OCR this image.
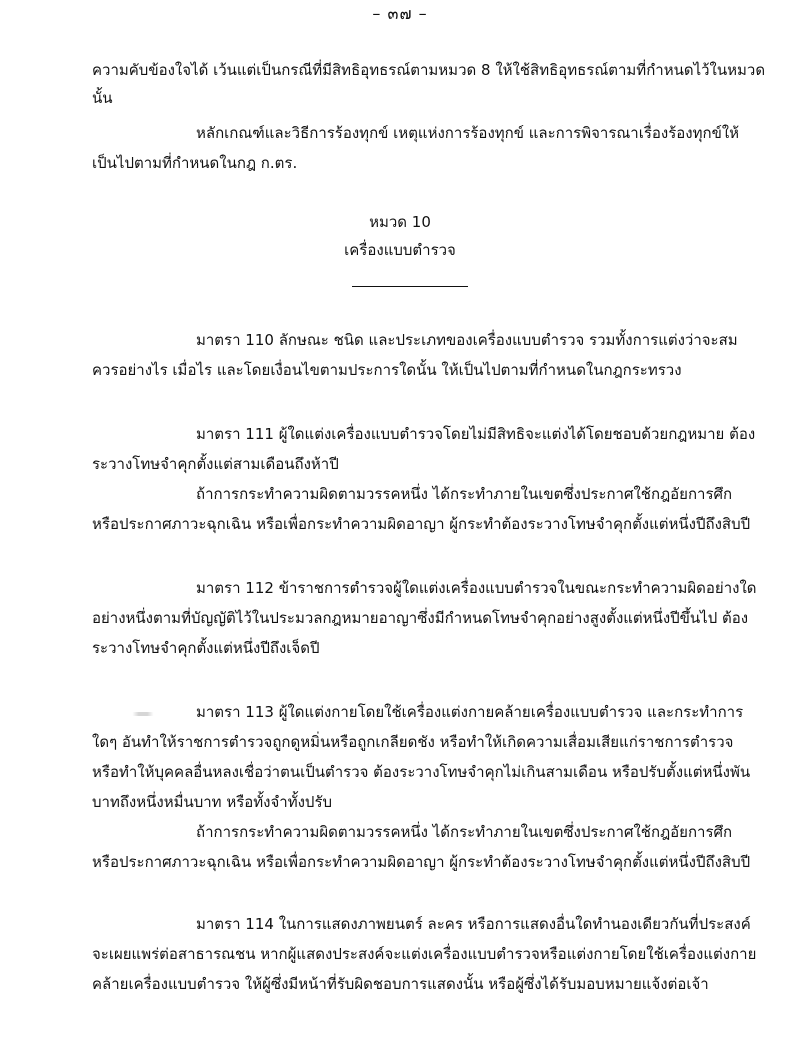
– ๓๗ –
ความคับข้องใจได้ เว้นแต่เป็นกรณีที่มีสิทธิอุทธรณ์ตามหมวด 8 ให้ใช้สิทธิอุทธรณ์ตามที่กำหนดไว้ในหมวด
นั้น
หลักเกณฑ์และวิธีการร้องทุกข์ เหตุแห่งการร้องทุกข์ และการพิจารณาเรื่องร้องทุกข์ให้
เป็นไปตามที่กำหนดในกฎ ก.ตร.
หมวด 10
เครื่องแบบตำรวจ
มาตรา 110 ลักษณะ ชนิด และประเภทของเครื่องแบบตำรวจ รวมทั้งการแต่งว่าจะสม
ควรอย่างไร เมื่อไร และโดยเงื่อนไขตามประการใดนั้น ให้เป็นไปตามที่กำหนดในกฎกระทรวง
มาตรา 111 ผู้ใดแต่งเครื่องแบบตำรวจโดยไม่มีสิทธิจะแต่งได้โดยชอบด้วยกฎหมาย ต้อง
ระวางโทษจำคุกตั้งแต่สามเดือนถึงห้าปี
ถ้าการกระทำความผิดตามวรรคหนึ่ง ได้กระทำภายในเขตซึ่งประกาศใช้กฎอัยการศึก
หรือประกาศภาวะฉุกเฉิน หรือเพื่อกระทำความผิดอาญา ผู้กระทำต้องระวางโทษจำคุกตั้งแต่หนึ่งปีถึงสิบปี
มาตรา 112 ข้าราชการตำรวจผู้ใดแต่งเครื่องแบบตำรวจในขณะกระทำความผิดอย่างใด
อย่างหนึ่งตามที่บัญญัติไว้ในประมวลกฎหมายอาญาซึ่งมีกำหนดโทษจำคุกอย่างสูงตั้งแต่หนึ่งปีขึ้นไป ต้อง
ระวางโทษจำคุกตั้งแต่หนึ่งปีถึงเจ็ดปี
มาตรา 113 ผู้ใดแต่งกายโดยใช้เครื่องแต่งกายคล้ายเครื่องแบบตำรวจ และกระทำการ
ใดๆ อันทำให้ราชการตำรวจถูกดูหมิ่นหรือถูกเกลียดชัง หรือทำให้เกิดความเสื่อมเสียแก่ราชการตำรวจ
หรือทำให้บุคคลอื่นหลงเชื่อว่าตนเป็นตำรวจ ต้องระวางโทษจำคุกไม่เกินสามเดือน หรือปรับตั้งแต่หนึ่งพัน
บาทถึงหนึ่งหมื่นบาท หรือทั้งจำทั้งปรับ
ถ้าการกระทำความผิดตามวรรคหนึ่ง ได้กระทำภายในเขตซึ่งประกาศใช้กฎอัยการศึก
หรือประกาศภาวะฉุกเฉิน หรือเพื่อกระทำความผิดอาญา ผู้กระทำต้องระวางโทษจำคุกตั้งแต่หนึ่งปีถึงสิบปี
มาตรา 114 ในการแสดงภาพยนตร์ ละคร หรือการแสดงอื่นใดทำนองเดียวกันที่ประสงค์
จะเผยแพร่ต่อสาธารณชน หากผู้แสดงประสงค์จะแต่งเครื่องแบบตำรวจหรือแต่งกายโดยใช้เครื่องแต่งกาย
คล้ายเครื่องแบบตำรวจ ให้ผู้ซึ่งมีหน้าที่รับผิดชอบการแสดงนั้น หรือผู้ซึ่งได้รับมอบหมายแจ้งต่อเจ้า
